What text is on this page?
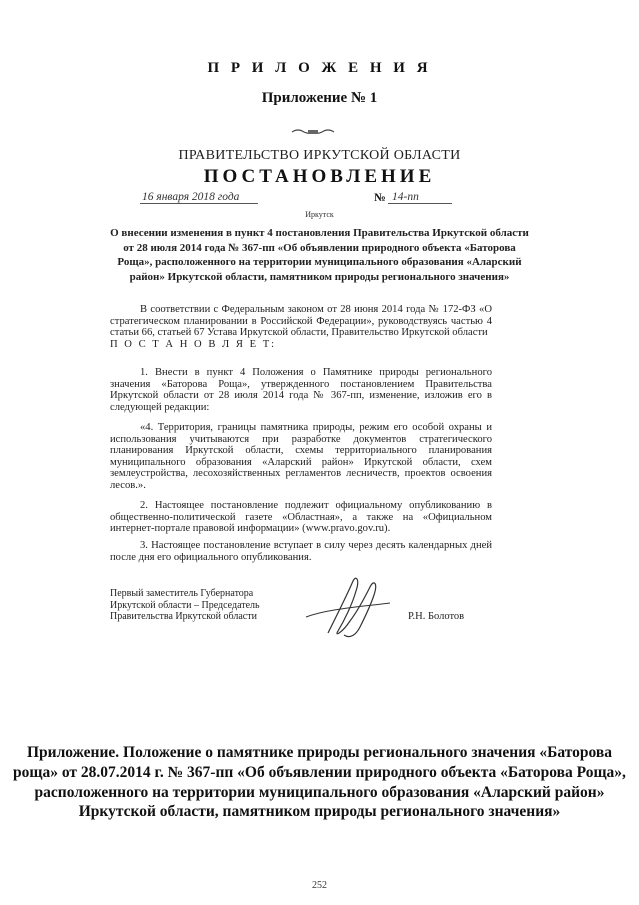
П Р И Л О Ж Е Н И Я
Приложение № 1
ПРАВИТЕЛЬСТВО ИРКУТСКОЙ ОБЛАСТИ
ПОСТАНОВЛЕНИЕ
16 января 2018 года	№ 14-пп
Иркутск
О внесении изменения в пункт 4 постановления Правительства Иркутской области от 28 июля 2014 года № 367-пп «Об объявлении природного объекта «Баторова Роща», расположенного на территории муниципального образования «Аларский район» Иркутской области, памятником природы регионального значения»

В соответствии с Федеральным законом от 28 июня 2014 года № 172-ФЗ «О стратегическом планировании в Российской Федерации», руководствуясь частью 4 статьи 66, статьей 67 Устава Иркутской области, Правительство Иркутской области

П О С Т А Н О В Л Я Е Т:

1. Внести в пункт 4 Положения о Памятнике природы регионального значения «Баторова Роща», утвержденного постановлением Правительства Иркутской области от 28 июля 2014 года № 367-пп, изменение, изложив его в следующей редакции:

«4. Территория, границы памятника природы, режим его особой охраны и использования учитываются при разработке документов стратегического планирования Иркутской области, схемы территориального планирования муниципального образования «Аларский район» Иркутской области, схем землеустройства, лесохозяйственных регламентов лесничеств, проектов освоения лесов.».

2. Настоящее постановление подлежит официальному опубликованию в общественно-политической газете «Областная», а также на «Официальном интернет-портале правовой информации» (www.pravo.gov.ru).

3. Настоящее постановление вступает в силу через десять календарных дней после дня его официального опубликования.

Первый заместитель Губернатора
Иркутской области – Председатель
Правительства Иркутской области	Р.Н. Болотов
Приложение. Положение о памятнике природы регионального значения «Баторова роща» от 28.07.2014 г. № 367-пп «Об объявлении природного объекта «Баторова Роща», расположенного на территории муниципального образования «Аларский район» Иркутской области, памятником природы регионального значения»
252
